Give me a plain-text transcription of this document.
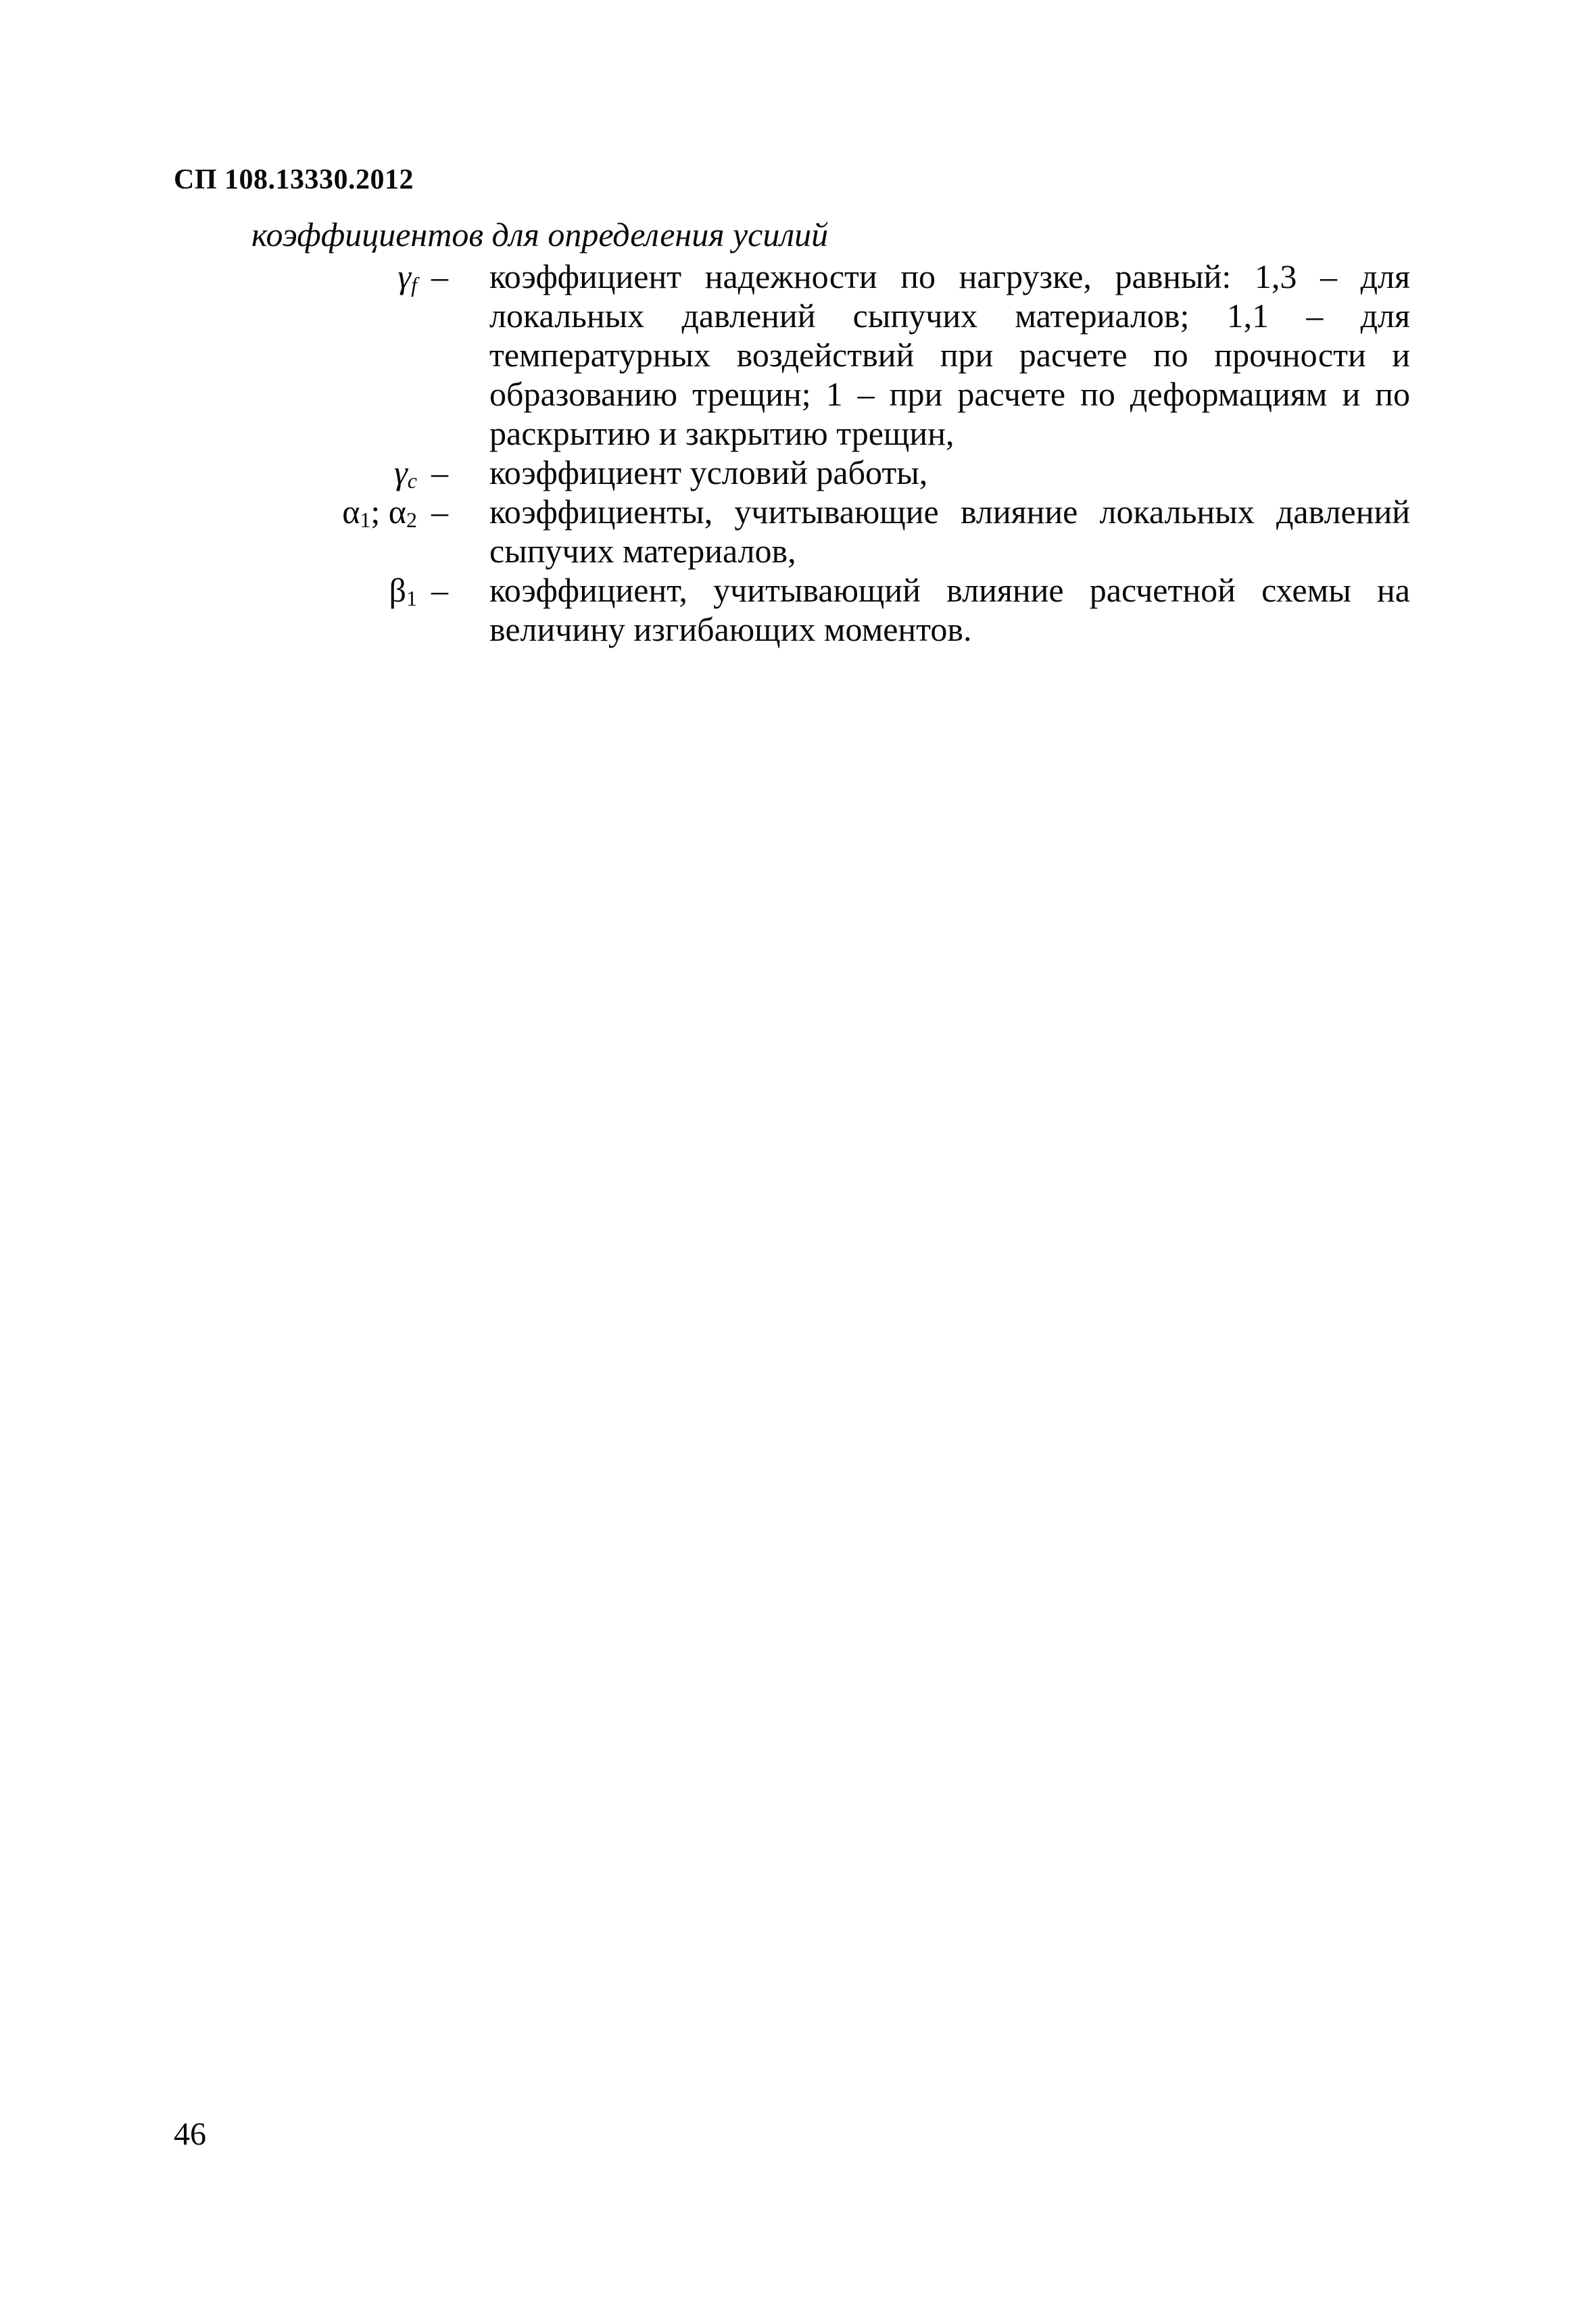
СП 108.13330.2012
коэффициентов для определения усилий
$\gamma_f$ – коэффициент надежности по нагрузке, равный: 1,3 – для локальных давлений сыпучих материалов; 1,1 – для температурных воздействий при расчете по прочности и образованию трещин; 1 – при расчете по деформациям и по раскрытию и закрытию трещин,
$\gamma_c$ – коэффициент условий работы,
$\alpha_1$; $\alpha_2$ – коэффициенты, учитывающие влияние локальных давлений сыпучих материалов,
$\beta_1$ – коэффициент, учитывающий влияние расчетной схемы на величину изгибающих моментов.
46
